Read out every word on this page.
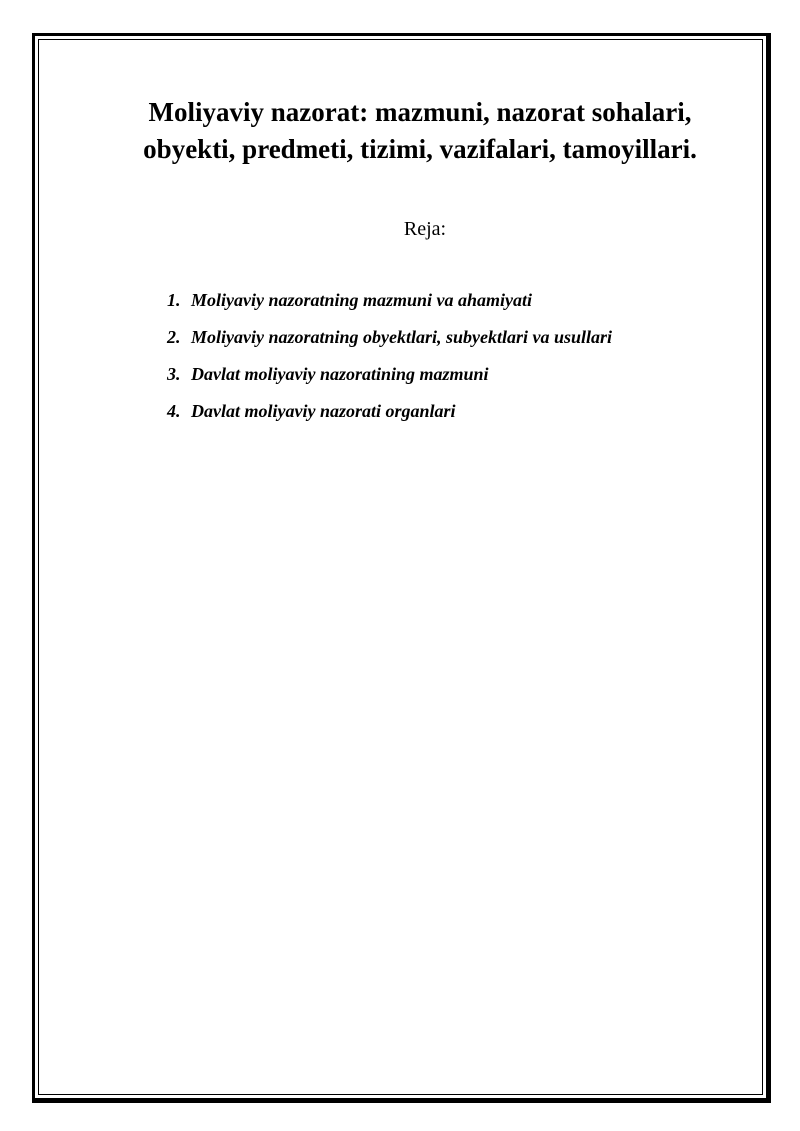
Moliyaviy nazorat: mazmuni, nazorat sohalari,
obyekti, predmeti, tizimi, vazifalari, tamoyillari.
Reja:
1. Moliyaviy nazoratning mazmuni va ahamiyati
2. Moliyaviy nazoratning obyektlari, subyektlari va usullari
3. Davlat moliyaviy nazoratining mazmuni
4. Davlat moliyaviy nazorati organlari
